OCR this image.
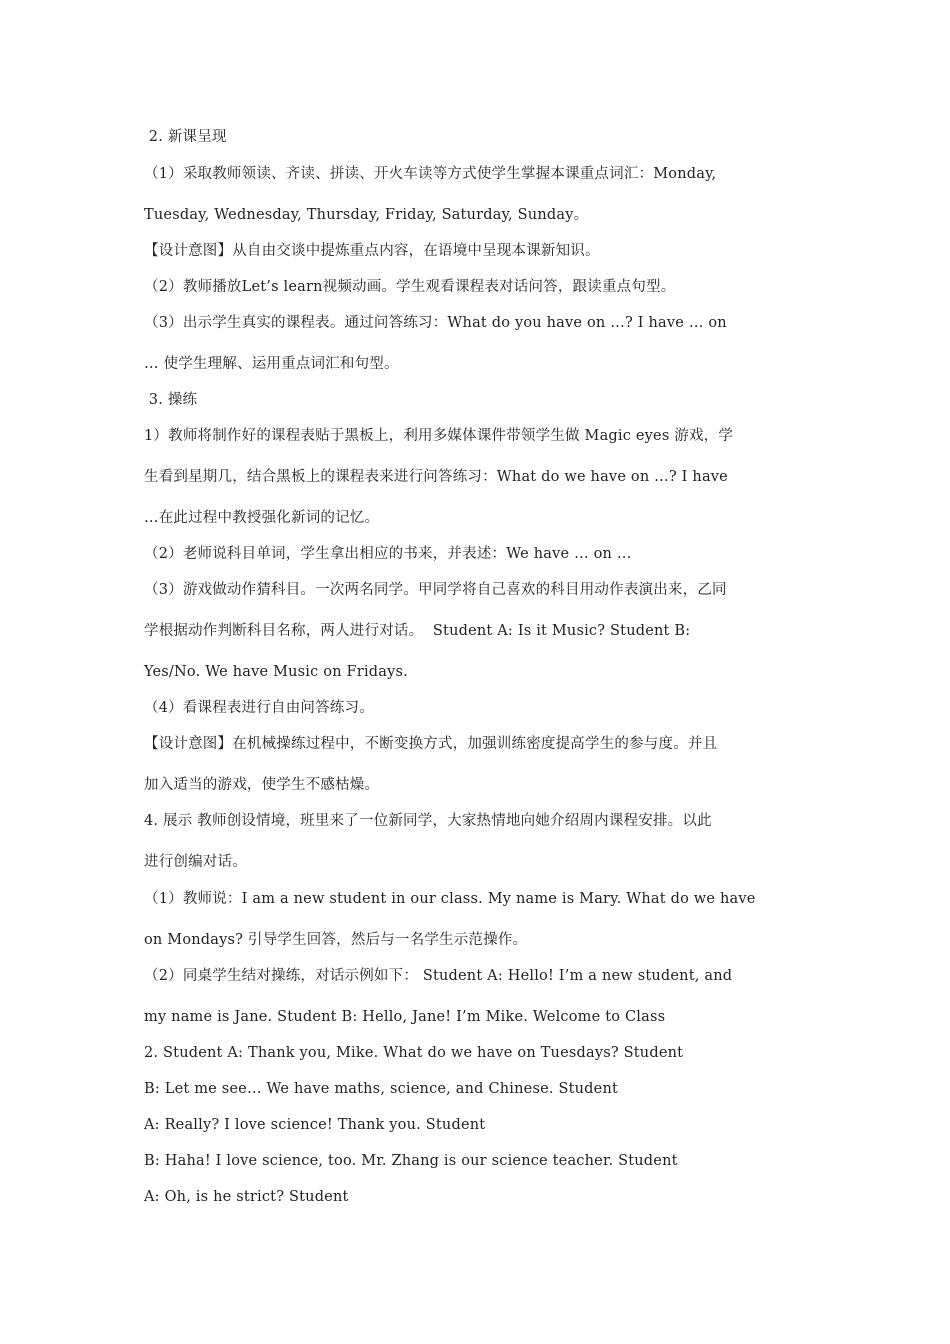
2. 新课呈现
（1）采取教师领读、齐读、拼读、开火车读等方式使学生掌握本课重点词汇：Monday,
Tuesday, Wednesday, Thursday, Friday, Saturday, Sunday。
【设计意图】从自由交谈中提炼重点内容，在语境中呈现本课新知识。
（2）教师播放Let’s learn视频动画。学生观看课程表对话问答，跟读重点句型。
（3）出示学生真实的课程表。通过问答练习：What do you have on …? I have … on
… 使学生理解、运用重点词汇和句型。
3. 操练
1）教师将制作好的课程表贴于黑板上，利用多媒体课件带领学生做 Magic eyes 游戏，学
生看到星期几，结合黑板上的课程表来进行问答练习：What do we have on …? I have
…在此过程中教授强化新词的记忆。
（2）老师说科目单词，学生拿出相应的书来，并表述：We have … on …
（3）游戏做动作猜科目。一次两名同学。甲同学将自己喜欢的科目用动作表演出来，乙同
学根据动作判断科目名称，两人进行对话。  Student A: Is it Music? Student B:
Yes/No. We have Music on Fridays.
（4）看课程表进行自由问答练习。
【设计意图】在机械操练过程中，不断变换方式，加强训练密度提高学生的参与度。并且
加入适当的游戏，使学生不感枯燥。
4. 展示 教师创设情境，班里来了一位新同学，大家热情地向她介绍周内课程安排。以此
进行创编对话。
（1）教师说：I am a new student in our class. My name is Mary. What do we have
on Mondays? 引导学生回答，然后与一名学生示范操作。
（2）同桌学生结对操练，对话示例如下： Student A: Hello! I’m a new student, and
my name is Jane. Student B: Hello, Jane! I’m Mike. Welcome to Class
2. Student A: Thank you, Mike. What do we have on Tuesdays? Student
B: Let me see… We have maths, science, and Chinese. Student
A: Really? I love science! Thank you. Student
B: Haha! I love science, too. Mr. Zhang is our science teacher. Student
A: Oh, is he strict? Student
